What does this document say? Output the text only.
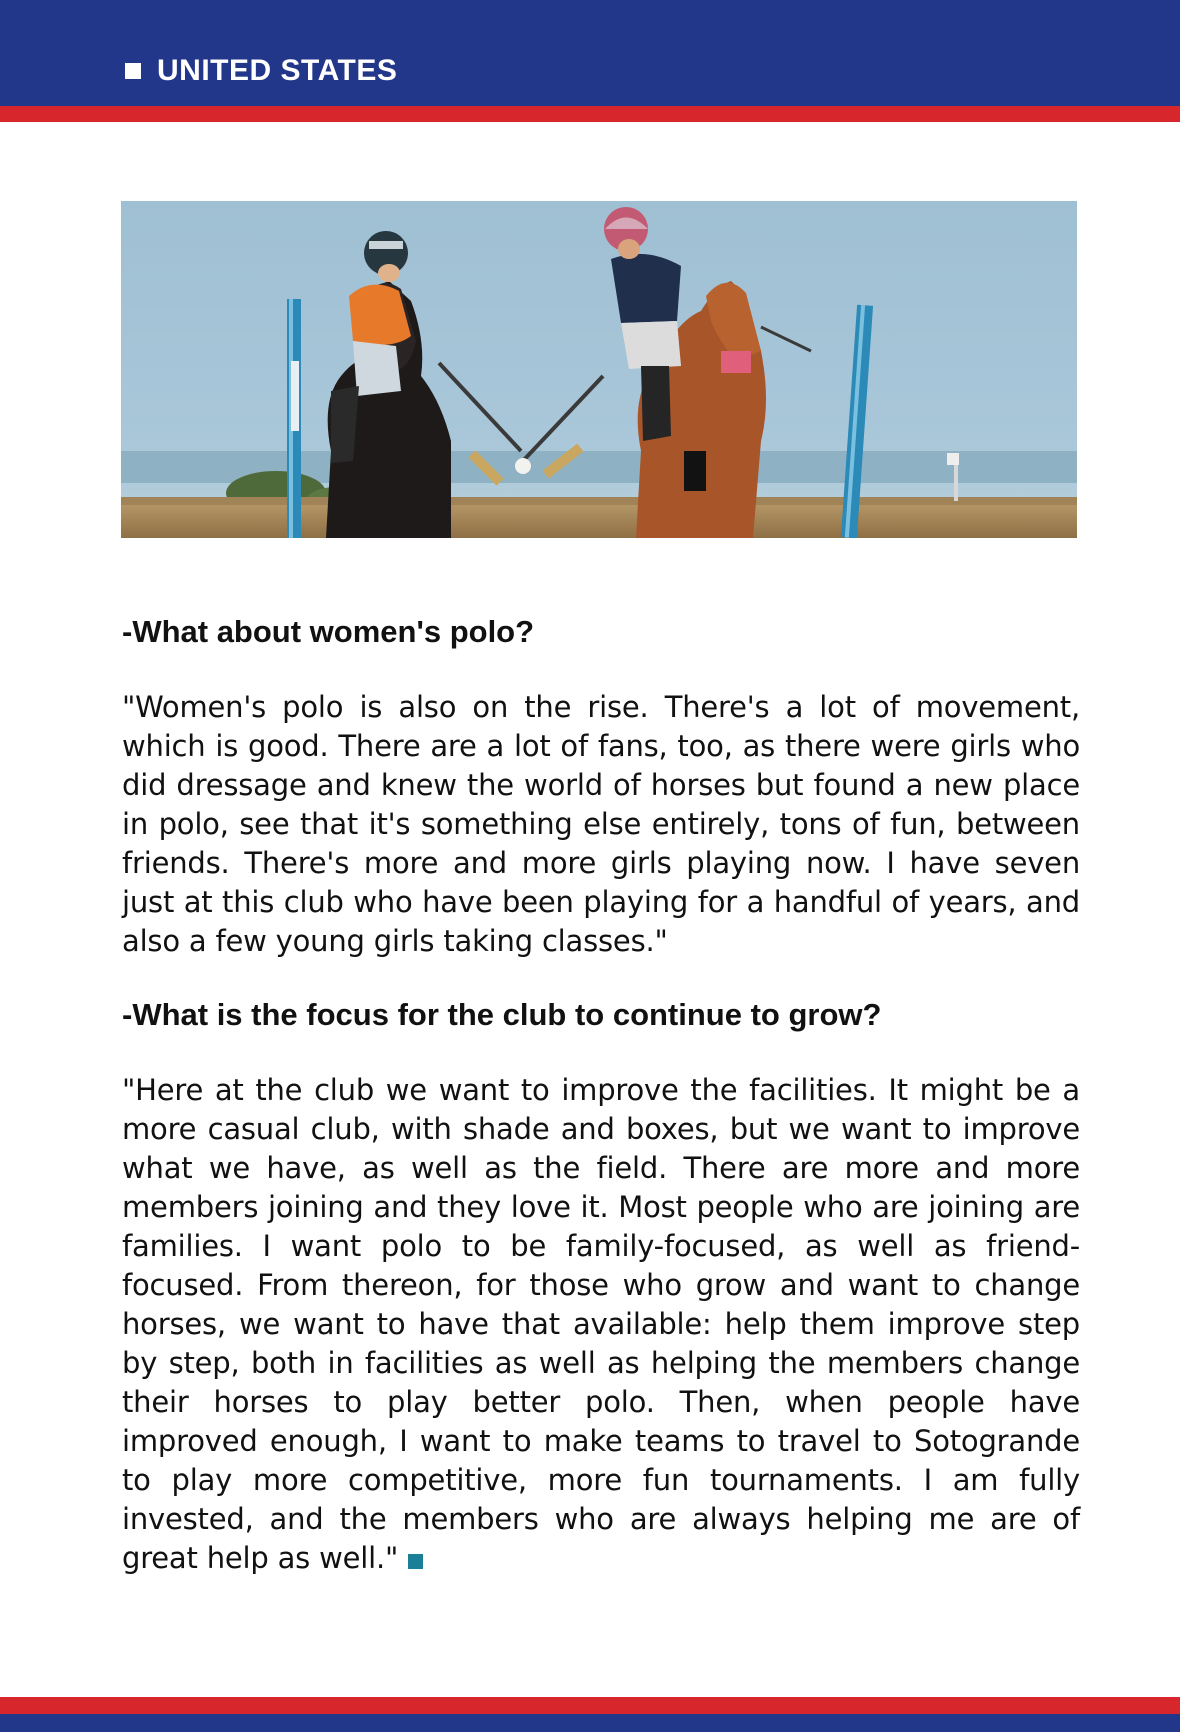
UNITED STATES

-What about women's polo?

"Women's polo is also on the rise. There's a lot of movement, which is good. There are a lot of fans, too, as there were girls who did dressage and knew the world of horses but found a new place in polo, see that it's something else entirely, tons of fun, between friends. There's more and more girls playing now. I have seven just at this club who have been playing for a handful of years, and also a few young girls taking classes."

-What is the focus for the club to continue to grow?

"Here at the club we want to improve the facilities. It might be a more casual club, with shade and boxes, but we want to improve what we have, as well as the field. There are more and more members joining and they love it. Most people who are joining are families. I want polo to be family-focused, as well as friend-focused. From thereon, for those who grow and want to change horses, we want to have that available: help them improve step by step, both in facilities as well as helping the members change their horses to play better polo. Then, when people have improved enough, I want to make teams to travel to Sotogrande to play more competitive, more fun tournaments. I am fully invested, and the members who are always helping me are of great help as well."
